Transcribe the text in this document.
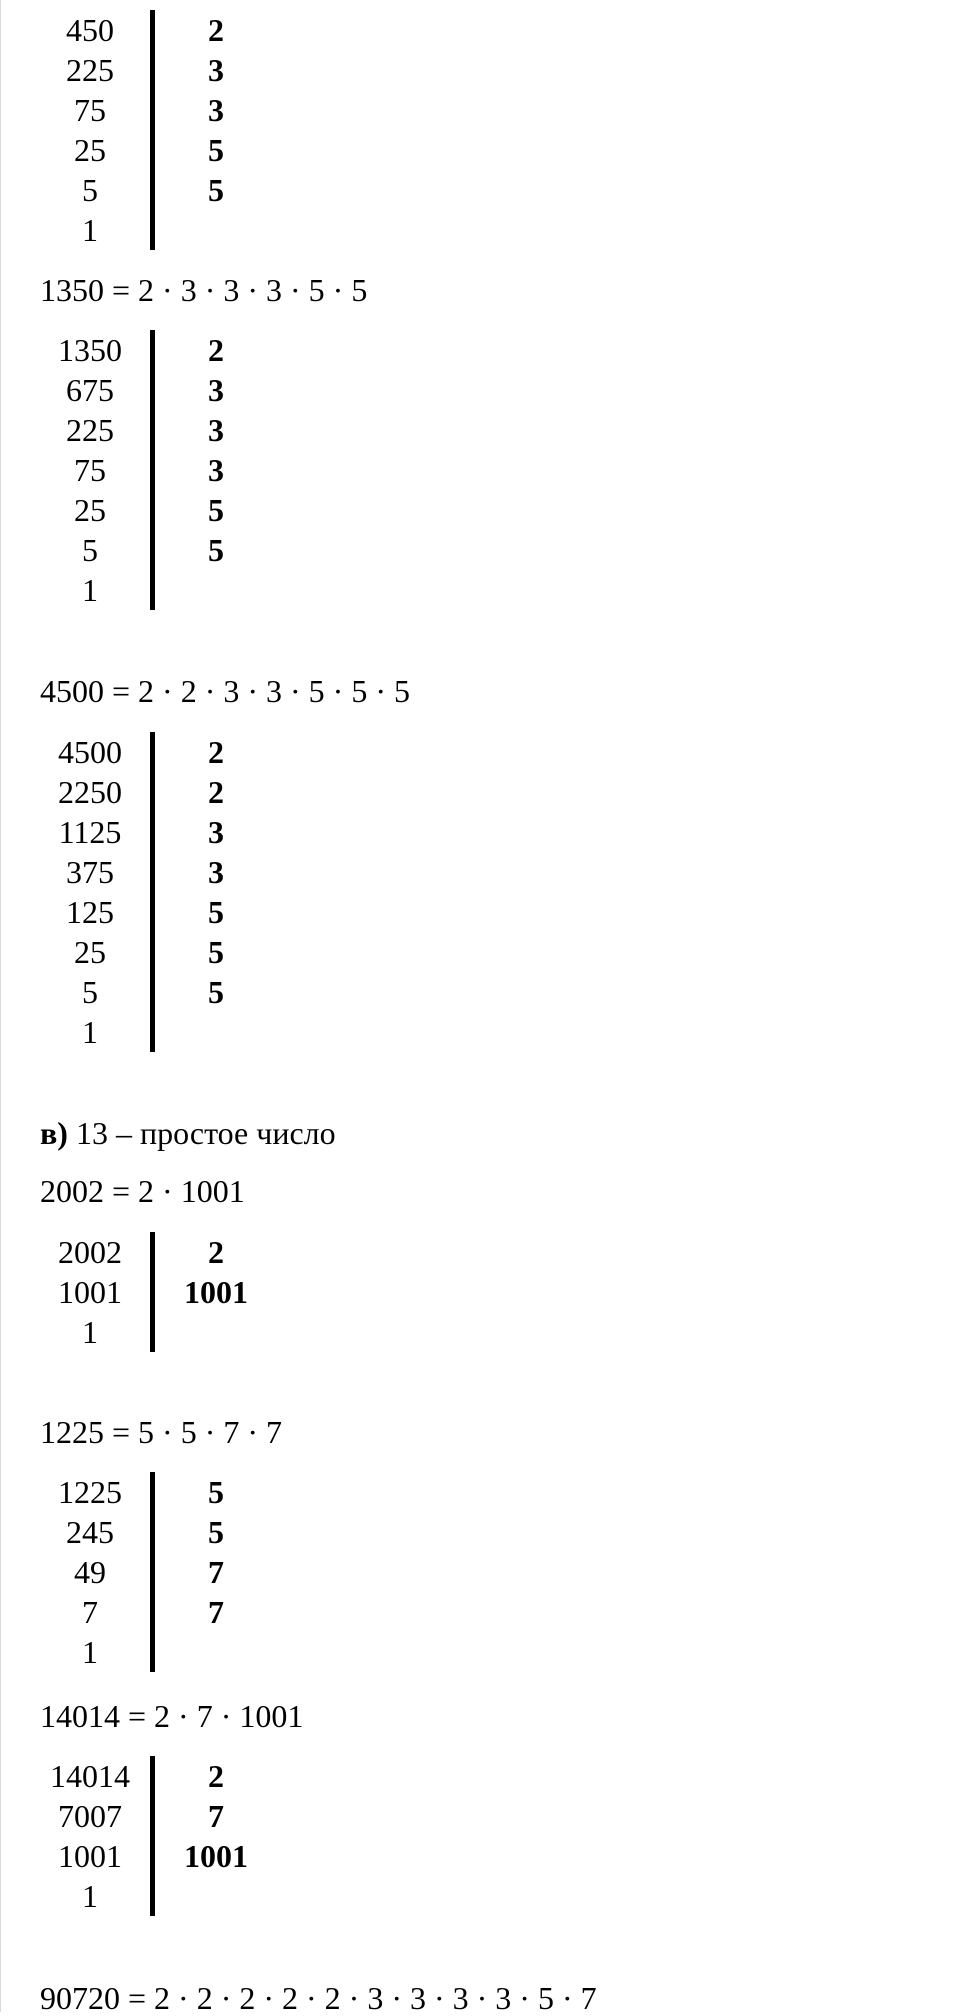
450	2
225	3
75	3
25	5
5	5
1
1350 = 2 · 3 · 3 · 3 · 5 · 5
1350	2
675	3
225	3
75	3
25	5
5	5
1
4500 = 2 · 2 · 3 · 3 · 5 · 5 · 5
4500	2
2250	2
1125	3
375	3
125	5
25	5
5	5
1
в) 13 – простое число
2002 = 2 · 1001
2002	2
1001	1001
1
1225 = 5 · 5 · 7 · 7
1225	5
245	5
49	7
7	7
1
14014 = 2 · 7 · 1001
14014	2
7007	7
1001	1001
1
90720 = 2 · 2 · 2 · 2 · 2 · 3 · 3 · 3 · 3 · 5 · 7
